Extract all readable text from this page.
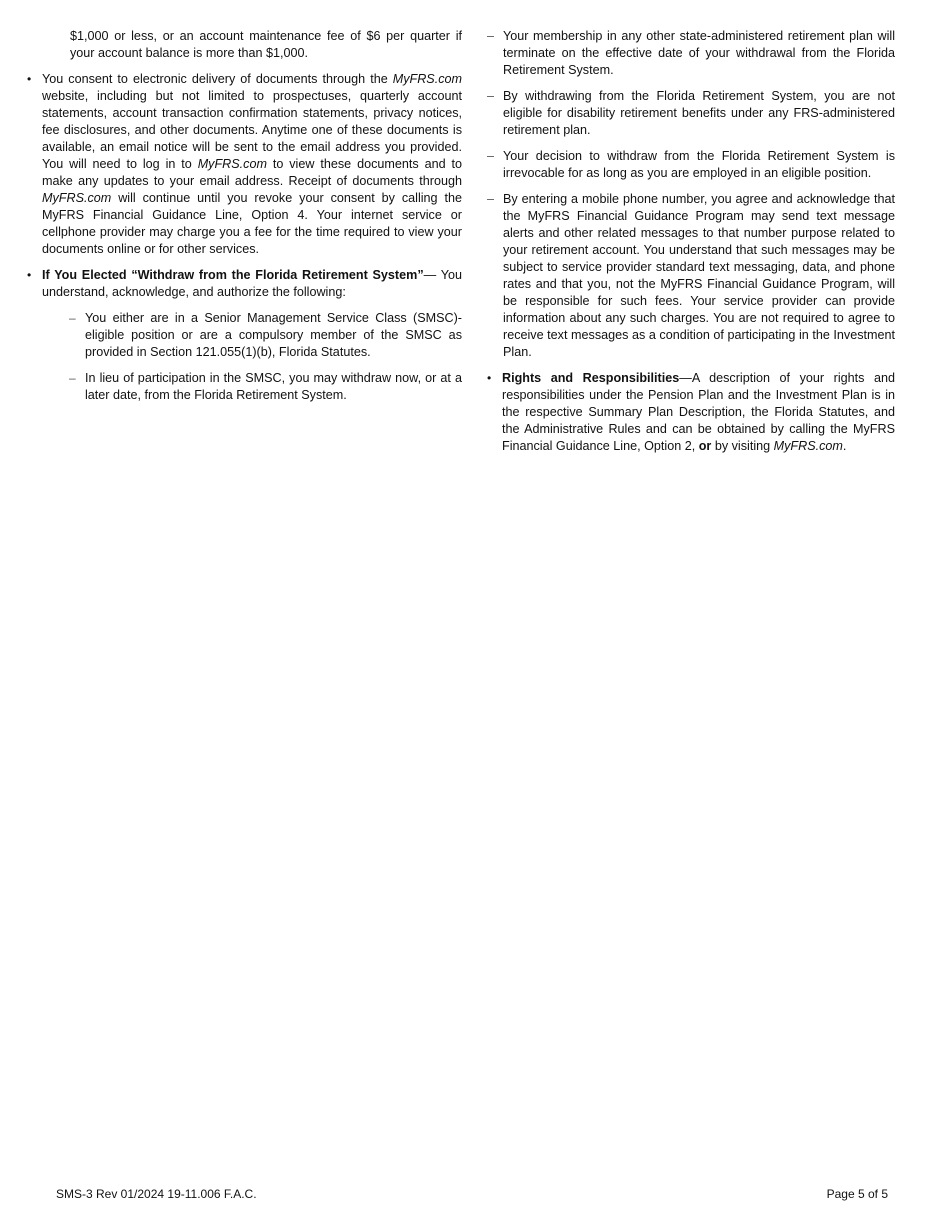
$1,000 or less, or an account maintenance fee of $6 per quarter if your account balance is more than $1,000.

• You consent to electronic delivery of documents through the MyFRS.com website, including but not limited to prospectuses, quarterly account statements, account transaction confirmation statements, privacy notices, fee disclosures, and other documents. Anytime one of these documents is available, an email notice will be sent to the email address you provided. You will need to log in to MyFRS.com to view these documents and to make any updates to your email address. Receipt of documents through MyFRS.com will continue until you revoke your consent by calling the MyFRS Financial Guidance Line, Option 4. Your internet service or cellphone provider may charge you a fee for the time required to view your documents online or for other services.
• If You Elected “Withdraw from the Florida Retirement System”— You understand, acknowledge, and authorize the following:
– You either are in a Senior Management Service Class (SMSC)-eligible position or are a compulsory member of the SMSC as provided in Section 121.055(1)(b), Florida Statutes.
– In lieu of participation in the SMSC, you may withdraw now, or at a later date, from the Florida Retirement System.
– Your membership in any other state-administered retirement plan will terminate on the effective date of your withdrawal from the Florida Retirement System.
– By withdrawing from the Florida Retirement System, you are not eligible for disability retirement benefits under any FRS-administered retirement plan.
– Your decision to withdraw from the Florida Retirement System is irrevocable for as long as you are employed in an eligible position.
– By entering a mobile phone number, you agree and acknowledge that the MyFRS Financial Guidance Program may send text message alerts and other related messages to that number purpose related to your retirement account. You understand that such messages may be subject to service provider standard text messaging, data, and phone rates and that you, not the MyFRS Financial Guidance Program, will be responsible for such fees. Your service provider can provide information about any such charges. You are not required to agree to receive text messages as a condition of participating in the Investment Plan.
• Rights and Responsibilities—A description of your rights and responsibilities under the Pension Plan and the Investment Plan is in the respective Summary Plan Description, the Florida Statutes, and the Administrative Rules and can be obtained by calling the MyFRS Financial Guidance Line, Option 2, or by visiting MyFRS.com.
SMS-3 Rev 01/2024 19-11.006 F.A.C.	Page 5 of 5
